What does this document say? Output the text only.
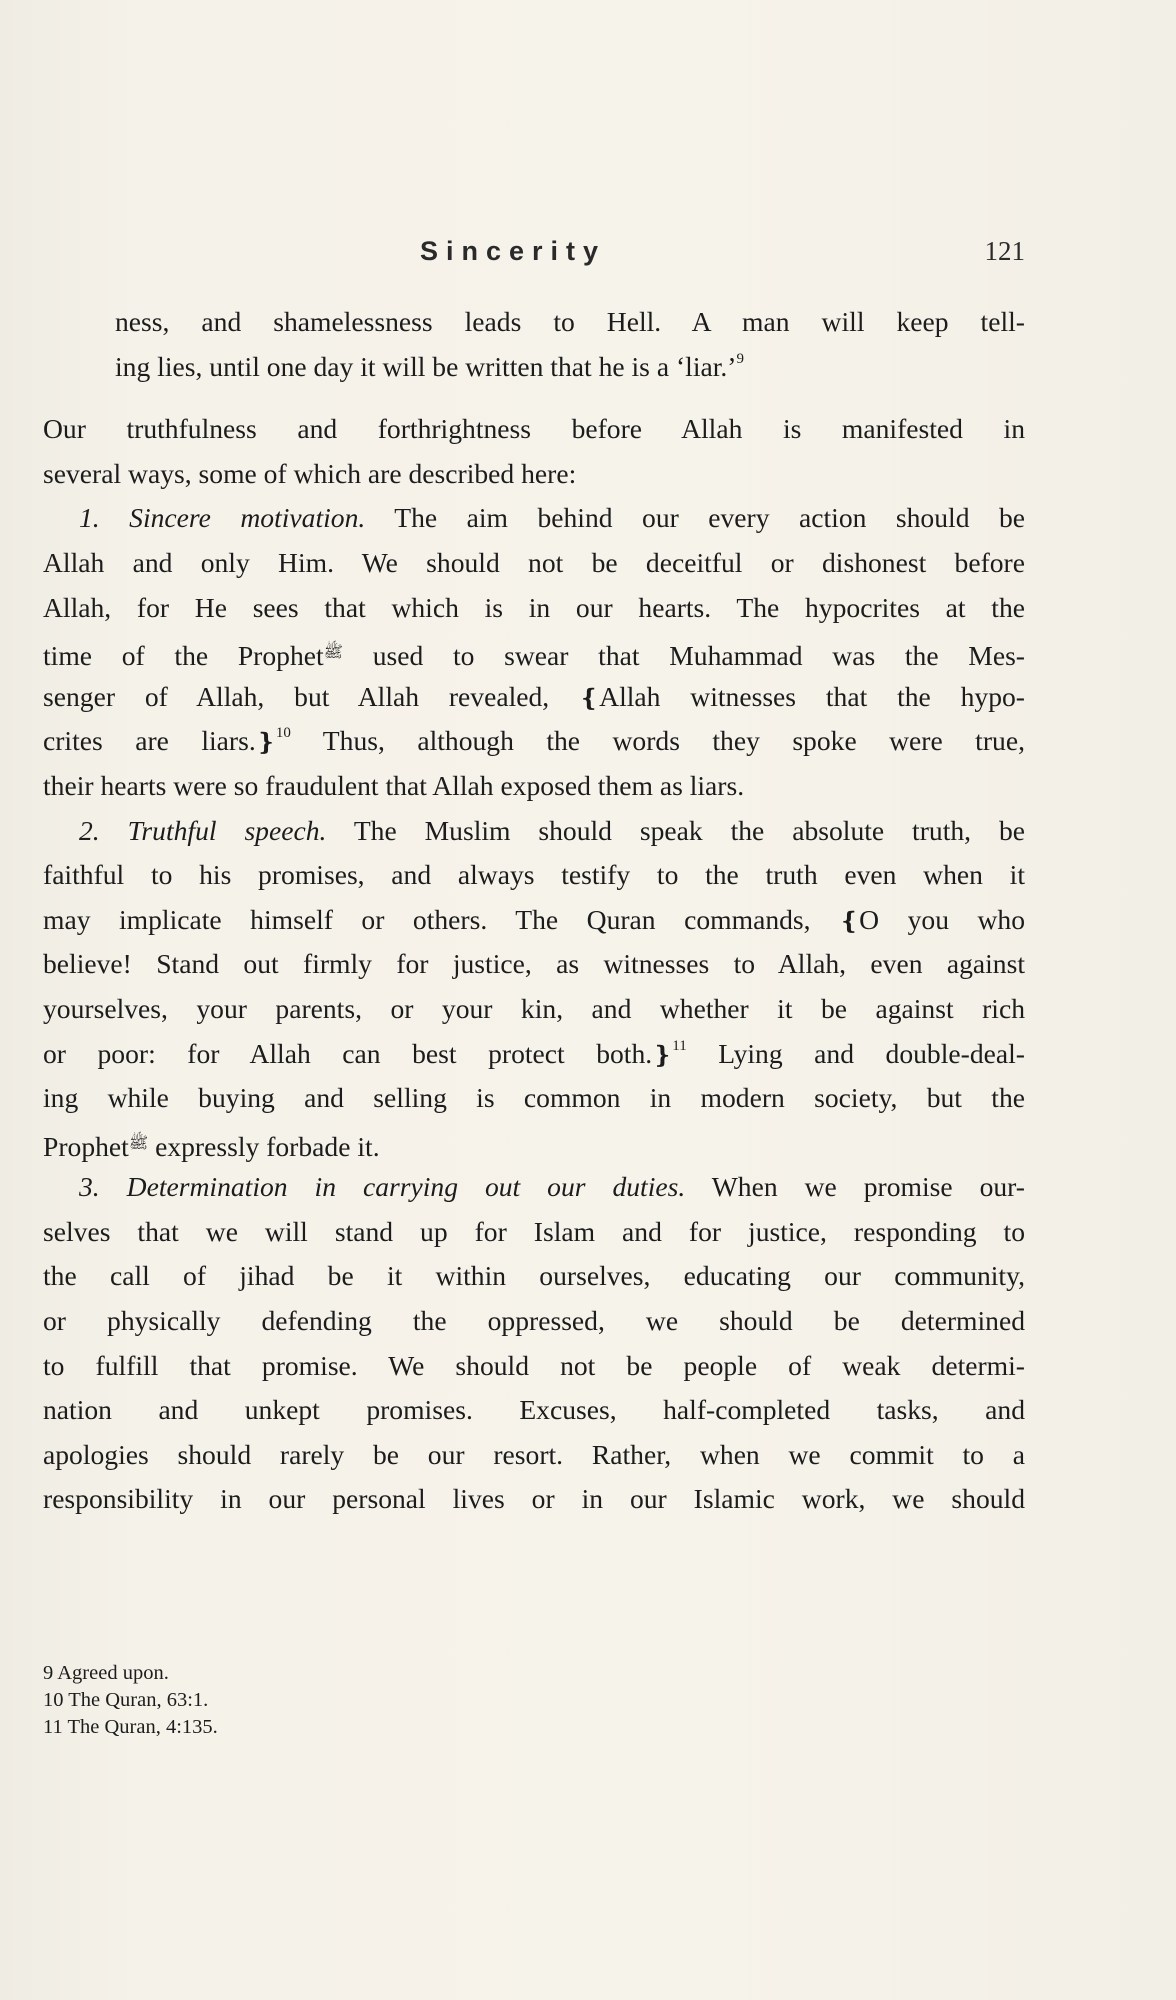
Sincerity	121
ness, and shamelessness leads to Hell. A man will keep tell-
ing lies, until one day it will be written that he is a ‘liar.’$^9$
Our truthfulness and forthrightness before Allah is manifested in
several ways, some of which are described here:
1. Sincere motivation. The aim behind our every action should be
Allah and only Him. We should not be deceitful or dishonest before
Allah, for He sees that which is in our hearts. The hypocrites at the
time of the Prophet$^ﷺ$ used to swear that Muhammad was the Mes-
senger of Allah, but Allah revealed, ❴Allah witnesses that the hypo-
crites are liars.❵$^{10}$ Thus, although the words they spoke were true,
their hearts were so fraudulent that Allah exposed them as liars.
2. Truthful speech. The Muslim should speak the absolute truth, be
faithful to his promises, and always testify to the truth even when it
may implicate himself or others. The Quran commands, ❴O you who
believe! Stand out firmly for justice, as witnesses to Allah, even against
yourselves, your parents, or your kin, and whether it be against rich
or poor: for Allah can best protect both.❵$^{11}$ Lying and double-deal-
ing while buying and selling is common in modern society, but the
Prophet$^ﷺ$ expressly forbade it.
3. Determination in carrying out our duties. When we promise our-
selves that we will stand up for Islam and for justice, responding to
the call of jihad be it within ourselves, educating our community,
or physically defending the oppressed, we should be determined
to fulfill that promise. We should not be people of weak determi-
nation and unkept promises. Excuses, half-completed tasks, and
apologies should rarely be our resort. Rather, when we commit to a
responsibility in our personal lives or in our Islamic work, we should
9 Agreed upon.
10 The Quran, 63:1.
11 The Quran, 4:135.
